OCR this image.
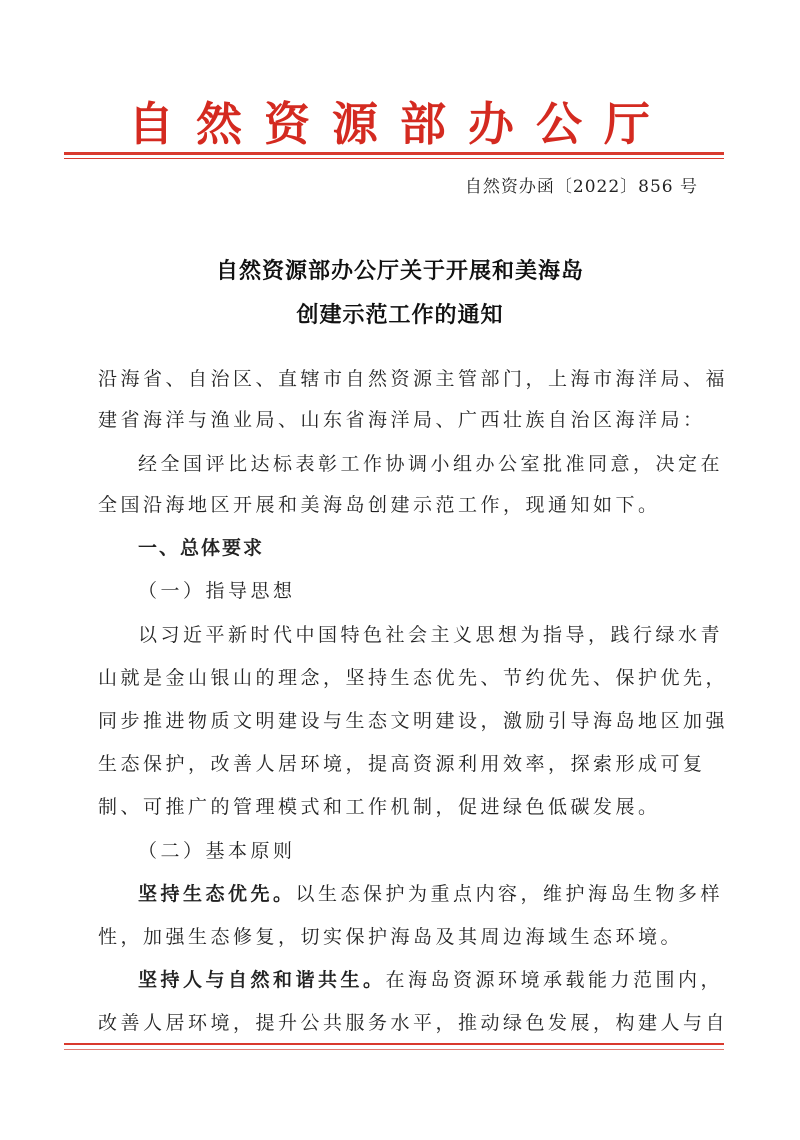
自然资源部办公厅
自然资办函〔2022〕856 号
自然资源部办公厅关于开展和美海岛
创建示范工作的通知
沿海省、自治区、直辖市自然资源主管部门，上海市海洋局、福
建省海洋与渔业局、山东省海洋局、广西壮族自治区海洋局：
经全国评比达标表彰工作协调小组办公室批准同意，决定在
全国沿海地区开展和美海岛创建示范工作，现通知如下。
一、总体要求
（一）指导思想
以习近平新时代中国特色社会主义思想为指导，践行绿水青
山就是金山银山的理念，坚持生态优先、节约优先、保护优先，
同步推进物质文明建设与生态文明建设，激励引导海岛地区加强
生态保护，改善人居环境，提高资源利用效率，探索形成可复
制、可推广的管理模式和工作机制，促进绿色低碳发展。
（二）基本原则
坚持生态优先。以生态保护为重点内容，维护海岛生物多样
性，加强生态修复，切实保护海岛及其周边海域生态环境。
坚持人与自然和谐共生。在海岛资源环境承载能力范围内，
改善人居环境，提升公共服务水平，推动绿色发展，构建人与自
